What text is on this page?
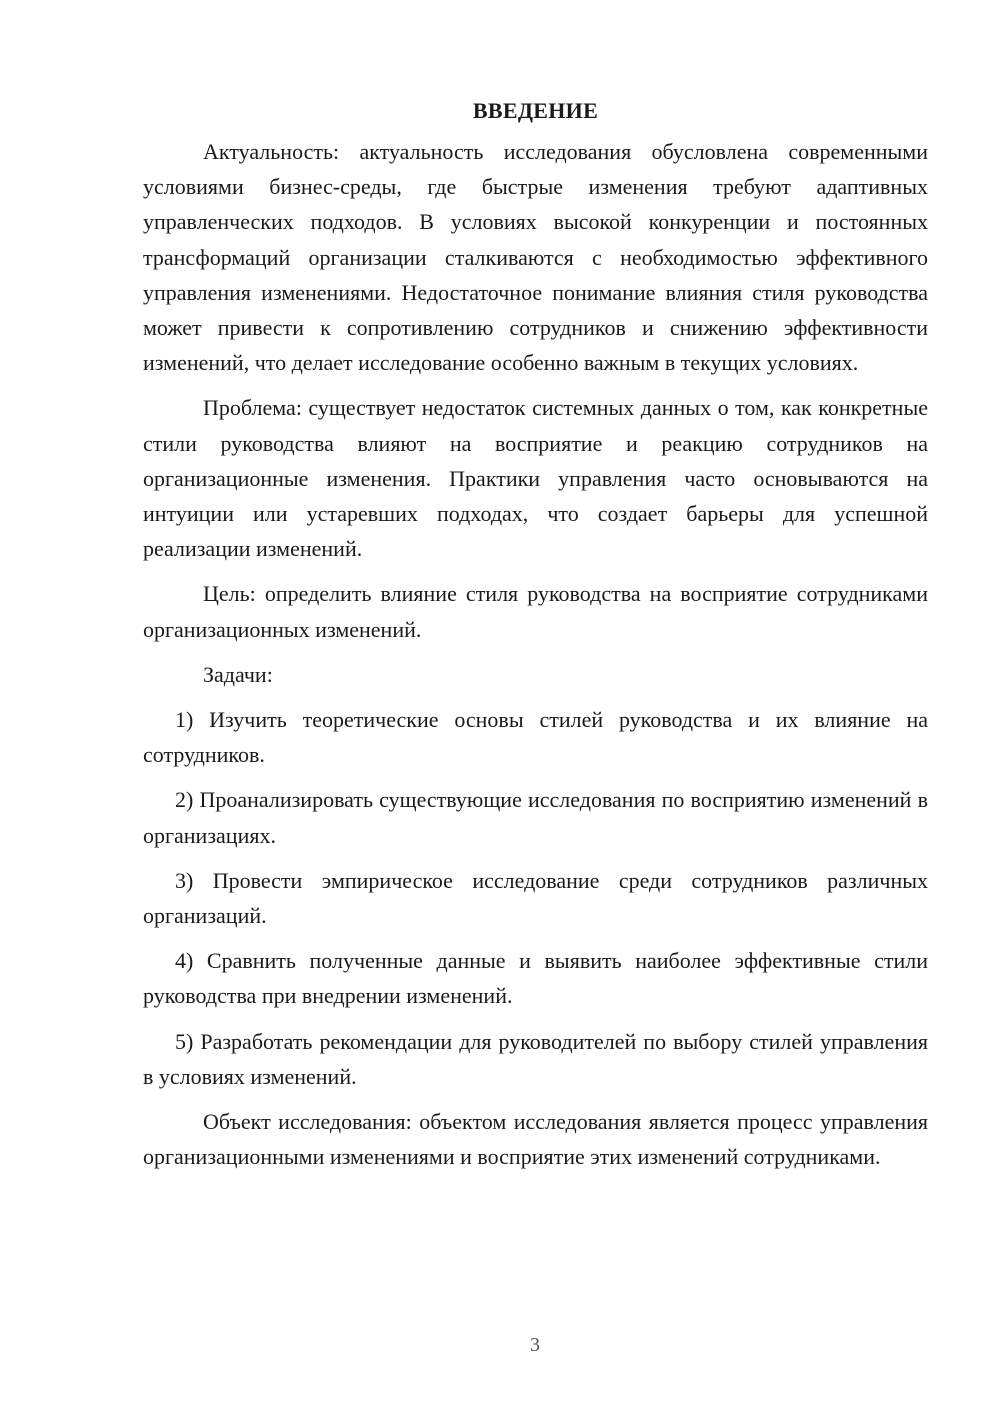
ВВЕДЕНИЕ

Актуальность: актуальность исследования обусловлена современными условиями бизнес-среды, где быстрые изменения требуют адаптивных управленческих подходов. В условиях высокой конкуренции и постоянных трансформаций организации сталкиваются с необходимостью эффективного управления изменениями. Недостаточное понимание влияния стиля руководства может привести к сопротивлению сотрудников и снижению эффективности изменений, что делает исследование особенно важным в текущих условиях.

Проблема: существует недостаток системных данных о том, как конкретные стили руководства влияют на восприятие и реакцию сотрудников на организационные изменения. Практики управления часто основываются на интуиции или устаревших подходах, что создает барьеры для успешной реализации изменений.

Цель: определить влияние стиля руководства на восприятие сотрудниками организационных изменений.

Задачи:

1) Изучить теоретические основы стилей руководства и их влияние на сотрудников.

2) Проанализировать существующие исследования по восприятию изменений в организациях.

3) Провести эмпирическое исследование среди сотрудников различных организаций.

4) Сравнить полученные данные и выявить наиболее эффективные стили руководства при внедрении изменений.

5) Разработать рекомендации для руководителей по выбору стилей управления в условиях изменений.

Объект исследования: объектом исследования является процесс управления организационными изменениями и восприятие этих изменений сотрудниками.

3
